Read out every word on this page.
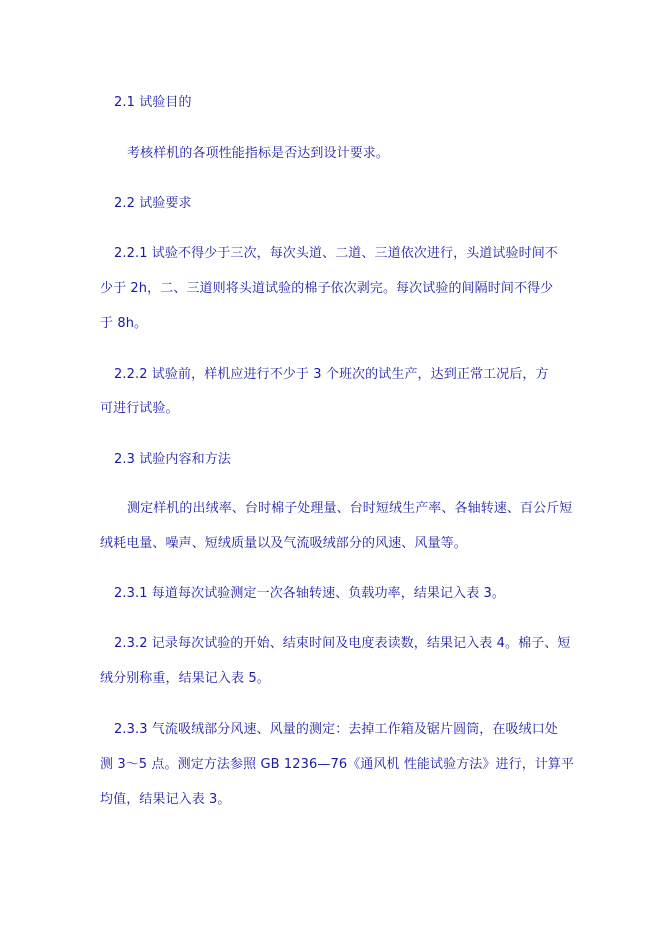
2.1 试验目的
考核样机的各项性能指标是否达到设计要求。
2.2 试验要求
2.2.1 试验不得少于三次，每次头道、二道、三道依次进行，头道试验时间不
少于 2h，二、三道则将头道试验的棉子依次剥完。每次试验的间隔时间不得少
于 8h。
2.2.2 试验前，样机应进行不少于 3 个班次的试生产，达到正常工况后，方
可进行试验。
2.3 试验内容和方法
测定样机的出绒率、台时棉子处理量、台时短绒生产率、各轴转速、百公斤短
绒耗电量、噪声、短绒质量以及气流吸绒部分的风速、风量等。
2.3.1 每道每次试验测定一次各轴转速、负载功率，结果记入表 3。
2.3.2 记录每次试验的开始、结束时间及电度表读数，结果记入表 4。棉子、短
绒分别称重，结果记入表 5。
2.3.3 气流吸绒部分风速、风量的测定：去掉工作箱及锯片圆筒，在吸绒口处
测 3～5 点。测定方法参照 GB 1236—76《通风机 性能试验方法》进行，计算平
均值，结果记入表 3。
